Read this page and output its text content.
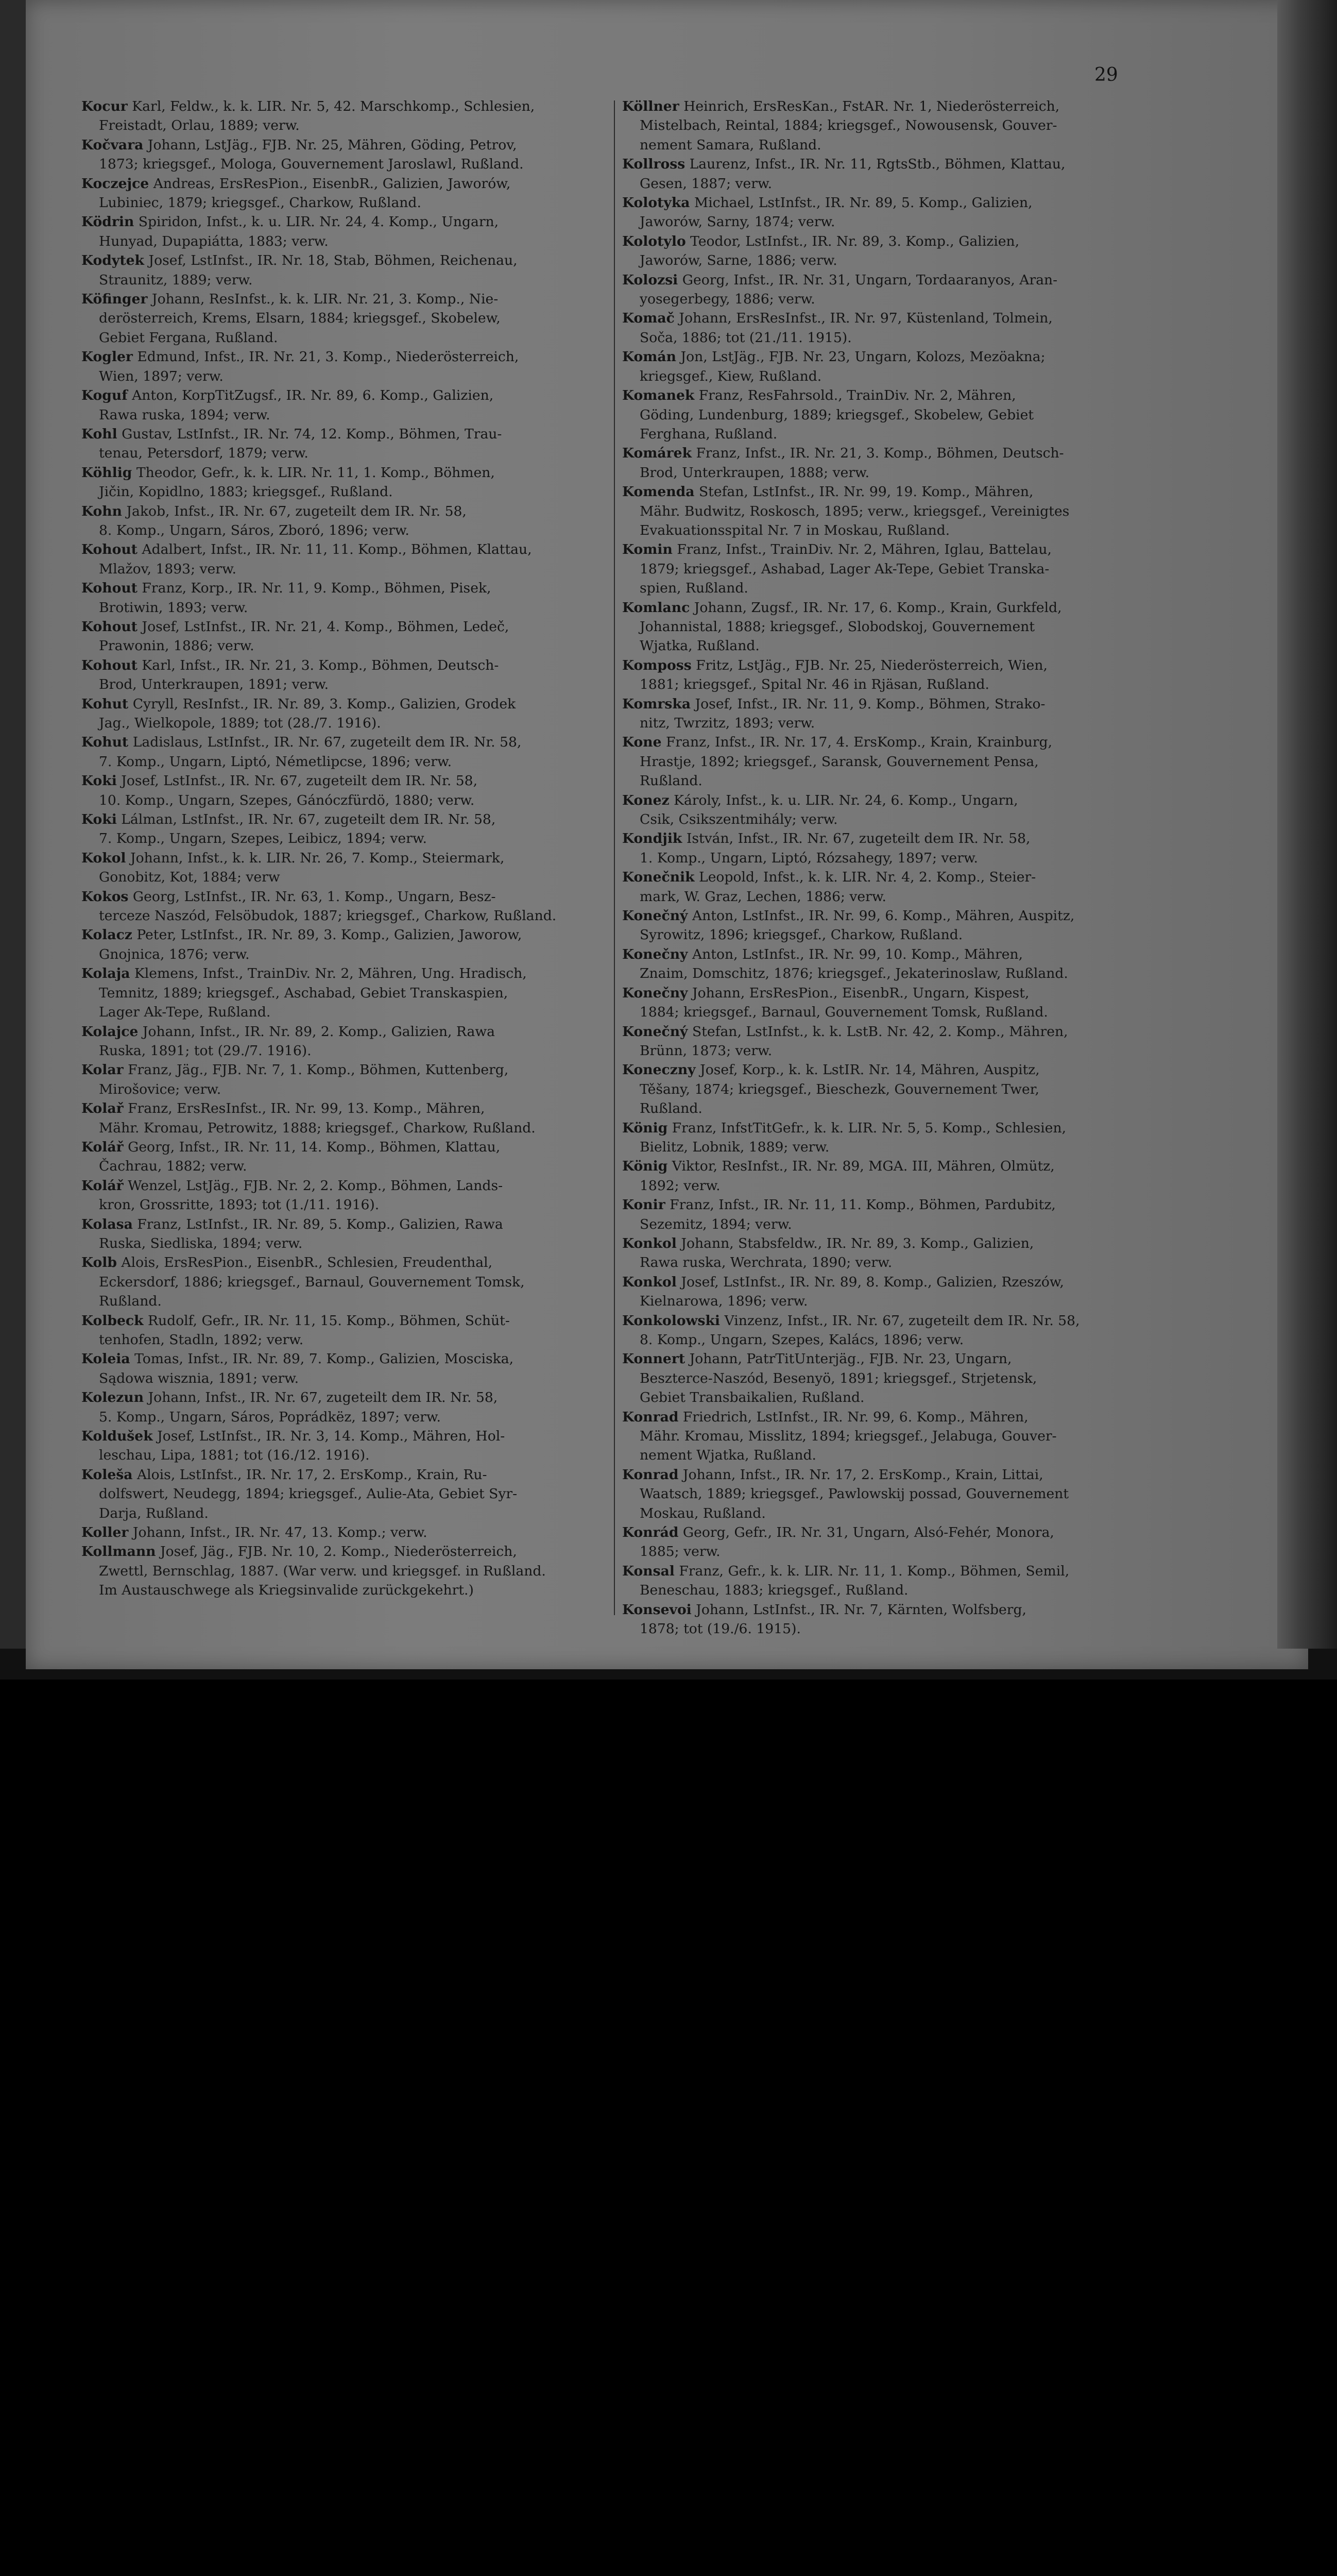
29

Kocur Karl, Feldw., k. k. LIR. Nr. 5, 42. Marschkomp., Schlesien,
Freistadt, Orlau, 1889; verw.

Kočvara Johann, LstJäg., FJB. Nr. 25, Mähren, Göding, Petrov,
1873; kriegsgef., Mologa, Gouvernement Jaroslawl, Rußland.

Koczejce Andreas, ErsResPion., EisenbR., Galizien, Jaworów,
Lubiniec, 1879; kriegsgef., Charkow, Rußland.

Ködrin Spiridon, Infst., k. u. LIR. Nr. 24, 4. Komp., Ungarn,
Hunyad, Dupapiátta, 1883; verw.

Kodytek Josef, LstInfst., IR. Nr. 18, Stab, Böhmen, Reichenau,
Straunitz, 1889; verw.

Köfinger Johann, ResInfst., k. k. LIR. Nr. 21, 3. Komp., Nie-
derösterreich, Krems, Elsarn, 1884; kriegsgef., Skobelew,
Gebiet Fergana, Rußland.

Kogler Edmund, Infst., IR. Nr. 21, 3. Komp., Niederösterreich,
Wien, 1897; verw.

Koguf Anton, KorpTitZugsf., IR. Nr. 89, 6. Komp., Galizien,
Rawa ruska, 1894; verw.

Kohl Gustav, LstInfst., IR. Nr. 74, 12. Komp., Böhmen, Trau-
tenau, Petersdorf, 1879; verw.

Köhlig Theodor, Gefr., k. k. LIR. Nr. 11, 1. Komp., Böhmen,
Jičin, Kopidlno, 1883; kriegsgef., Rußland.

Kohn Jakob, Infst., IR. Nr. 67, zugeteilt dem IR. Nr. 58,
8. Komp., Ungarn, Sáros, Zboró, 1896; verw.

Kohout Adalbert, Infst., IR. Nr. 11, 11. Komp., Böhmen, Klattau,
Mlažov, 1893; verw.

Kohout Franz, Korp., IR. Nr. 11, 9. Komp., Böhmen, Pisek,
Brotiwin, 1893; verw.

Kohout Josef, LstInfst., IR. Nr. 21, 4. Komp., Böhmen, Ledeč,
Prawonin, 1886; verw.

Kohout Karl, Infst., IR. Nr. 21, 3. Komp., Böhmen, Deutsch-
Brod, Unterkraupen, 1891; verw.

Kohut Cyryll, ResInfst., IR. Nr. 89, 3. Komp., Galizien, Grodek
Jag., Wielkopole, 1889; tot (28./7. 1916).

Kohut Ladislaus, LstInfst., IR. Nr. 67, zugeteilt dem IR. Nr. 58,
7. Komp., Ungarn, Liptó, Németlipcse, 1896; verw.

Koki Josef, LstInfst., IR. Nr. 67, zugeteilt dem IR. Nr. 58,
10. Komp., Ungarn, Szepes, Gánóczfürdö, 1880; verw.

Koki Lálman, LstInfst., IR. Nr. 67, zugeteilt dem IR. Nr. 58,
7. Komp., Ungarn, Szepes, Leibicz, 1894; verw.

Kokol Johann, Infst., k. k. LIR. Nr. 26, 7. Komp., Steiermark,
Gonobitz, Kot, 1884; verw

Kokos Georg, LstInfst., IR. Nr. 63, 1. Komp., Ungarn, Besz-
terceze Naszód, Felsöbudok, 1887; kriegsgef., Charkow, Rußland.

Kolacz Peter, LstInfst., IR. Nr. 89, 3. Komp., Galizien, Jaworow,
Gnojnica, 1876; verw.

Kolaja Klemens, Infst., TrainDiv. Nr. 2, Mähren, Ung. Hradisch,
Temnitz, 1889; kriegsgef., Aschabad, Gebiet Transkaspien,
Lager Ak-Tepe, Rußland.

Kolajce Johann, Infst., IR. Nr. 89, 2. Komp., Galizien, Rawa
Ruska, 1891; tot (29./7. 1916).

Kolar Franz, Jäg., FJB. Nr. 7, 1. Komp., Böhmen, Kuttenberg,
Mirošovice; verw.

Kolař Franz, ErsResInfst., IR. Nr. 99, 13. Komp., Mähren,
Mähr. Kromau, Petrowitz, 1888; kriegsgef., Charkow, Rußland.

Kolář Georg, Infst., IR. Nr. 11, 14. Komp., Böhmen, Klattau,
Čachrau, 1882; verw.

Kolář Wenzel, LstJäg., FJB. Nr. 2, 2. Komp., Böhmen, Lands-
kron, Grossritte, 1893; tot (1./11. 1916).

Kolasa Franz, LstInfst., IR. Nr. 89, 5. Komp., Galizien, Rawa
Ruska, Siedliska, 1894; verw.

Kolb Alois, ErsResPion., EisenbR., Schlesien, Freudenthal,
Eckersdorf, 1886; kriegsgef., Barnaul, Gouvernement Tomsk,
Rußland.

Kolbeck Rudolf, Gefr., IR. Nr. 11, 15. Komp., Böhmen, Schüt-
tenhofen, Stadln, 1892; verw.

Koleia Tomas, Infst., IR. Nr. 89, 7. Komp., Galizien, Mosciska,
Sądowa wisznia, 1891; verw.

Kolezun Johann, Infst., IR. Nr. 67, zugeteilt dem IR. Nr. 58,
5. Komp., Ungarn, Sáros, Poprádkëz, 1897; verw.

Koldušek Josef, LstInfst., IR. Nr. 3, 14. Komp., Mähren, Hol-
leschau, Lipa, 1881; tot (16./12. 1916).

Koleša Alois, LstInfst., IR. Nr. 17, 2. ErsKomp., Krain, Ru-
dolfswert, Neudegg, 1894; kriegsgef., Aulie-Ata, Gebiet Syr-
Darja, Rußland.

Koller Johann, Infst., IR. Nr. 47, 13. Komp.; verw.

Kollmann Josef, Jäg., FJB. Nr. 10, 2. Komp., Niederösterreich,
Zwettl, Bernschlag, 1887. (War verw. und kriegsgef. in Rußland.
Im Austauschwege als Kriegsinvalide zurückgekehrt.)

Köllner Heinrich, ErsResKan., FstAR. Nr. 1, Niederösterreich,
Mistelbach, Reintal, 1884; kriegsgef., Nowousensk, Gouver-
nement Samara, Rußland.

Kollross Laurenz, Infst., IR. Nr. 11, RgtsStb., Böhmen, Klattau,
Gesen, 1887; verw.

Kolotyka Michael, LstInfst., IR. Nr. 89, 5. Komp., Galizien,
Jaworów, Sarny, 1874; verw.

Kolotylo Teodor, LstInfst., IR. Nr. 89, 3. Komp., Galizien,
Jaworów, Sarne, 1886; verw.

Kolozsi Georg, Infst., IR. Nr. 31, Ungarn, Tordaaranyos, Aran-
yosegerbegy, 1886; verw.

Komač Johann, ErsResInfst., IR. Nr. 97, Küstenland, Tolmein,
Soča, 1886; tot (21./11. 1915).

Komán Jon, LstJäg., FJB. Nr. 23, Ungarn, Kolozs, Mezöakna;
kriegsgef., Kiew, Rußland.

Komanek Franz, ResFahrsold., TrainDiv. Nr. 2, Mähren,
Göding, Lundenburg, 1889; kriegsgef., Skobelew, Gebiet
Ferghana, Rußland.

Komárek Franz, Infst., IR. Nr. 21, 3. Komp., Böhmen, Deutsch-
Brod, Unterkraupen, 1888; verw.

Komenda Stefan, LstInfst., IR. Nr. 99, 19. Komp., Mähren,
Mähr. Budwitz, Roskosch, 1895; verw., kriegsgef., Vereinigtes
Evakuationsspital Nr. 7 in Moskau, Rußland.

Komin Franz, Infst., TrainDiv. Nr. 2, Mähren, Iglau, Battelau,
1879; kriegsgef., Ashabad, Lager Ak-Tepe, Gebiet Transka-
spien, Rußland.

Komlanc Johann, Zugsf., IR. Nr. 17, 6. Komp., Krain, Gurkfeld,
Johannistal, 1888; kriegsgef., Slobodskoj, Gouvernement
Wjatka, Rußland.

Komposs Fritz, LstJäg., FJB. Nr. 25, Niederösterreich, Wien,
1881; kriegsgef., Spital Nr. 46 in Rjäsan, Rußland.

Komrska Josef, Infst., IR. Nr. 11, 9. Komp., Böhmen, Strako-
nitz, Twrzitz, 1893; verw.

Kone Franz, Infst., IR. Nr. 17, 4. ErsKomp., Krain, Krainburg,
Hrastje, 1892; kriegsgef., Saransk, Gouvernement Pensa,
Rußland.

Konez Károly, Infst., k. u. LIR. Nr. 24, 6. Komp., Ungarn,
Csik, Csikszentmihály; verw.

Kondjik István, Infst., IR. Nr. 67, zugeteilt dem IR. Nr. 58,
1. Komp., Ungarn, Liptó, Rózsahegy, 1897; verw.

Konečnik Leopold, Infst., k. k. LIR. Nr. 4, 2. Komp., Steier-
mark, W. Graz, Lechen, 1886; verw.

Konečný Anton, LstInfst., IR. Nr. 99, 6. Komp., Mähren, Auspitz,
Syrowitz, 1896; kriegsgef., Charkow, Rußland.

Konečny Anton, LstInfst., IR. Nr. 99, 10. Komp., Mähren,
Znaim, Domschitz, 1876; kriegsgef., Jekaterinoslaw, Rußland.

Konečny Johann, ErsResPion., EisenbR., Ungarn, Kispest,
1884; kriegsgef., Barnaul, Gouvernement Tomsk, Rußland.

Konečný Stefan, LstInfst., k. k. LstB. Nr. 42, 2. Komp., Mähren,
Brünn, 1873; verw.

Koneczny Josef, Korp., k. k. LstIR. Nr. 14, Mähren, Auspitz,
Těšany, 1874; kriegsgef., Bieschezk, Gouvernement Twer,
Rußland.

König Franz, InfstTitGefr., k. k. LIR. Nr. 5, 5. Komp., Schlesien,
Bielitz, Lobnik, 1889; verw.

König Viktor, ResInfst., IR. Nr. 89, MGA. III, Mähren, Olmütz,
1892; verw.

Konir Franz, Infst., IR. Nr. 11, 11. Komp., Böhmen, Pardubitz,
Sezemitz, 1894; verw.

Konkol Johann, Stabsfeldw., IR. Nr. 89, 3. Komp., Galizien,
Rawa ruska, Werchrata, 1890; verw.

Konkol Josef, LstInfst., IR. Nr. 89, 8. Komp., Galizien, Rzeszów,
Kielnarowa, 1896; verw.

Konkolowski Vinzenz, Infst., IR. Nr. 67, zugeteilt dem IR. Nr. 58,
8. Komp., Ungarn, Szepes, Kalács, 1896; verw.

Konnert Johann, PatrTitUnterjäg., FJB. Nr. 23, Ungarn,
Beszterce-Naszód, Besenyö, 1891; kriegsgef., Strjetensk,
Gebiet Transbaikalien, Rußland.

Konrad Friedrich, LstInfst., IR. Nr. 99, 6. Komp., Mähren,
Mähr. Kromau, Misslitz, 1894; kriegsgef., Jelabuga, Gouver-
nement Wjatka, Rußland.

Konrad Johann, Infst., IR. Nr. 17, 2. ErsKomp., Krain, Littai,
Waatsch, 1889; kriegsgef., Pawlowskij possad, Gouvernement
Moskau, Rußland.

Konrád Georg, Gefr., IR. Nr. 31, Ungarn, Alsó-Fehér, Monora,
1885; verw.

Konsal Franz, Gefr., k. k. LIR. Nr. 11, 1. Komp., Böhmen, Semil,
Beneschau, 1883; kriegsgef., Rußland.

Konsevoi Johann, LstInfst., IR. Nr. 7, Kärnten, Wolfsberg,
1878; tot (19./6. 1915).
